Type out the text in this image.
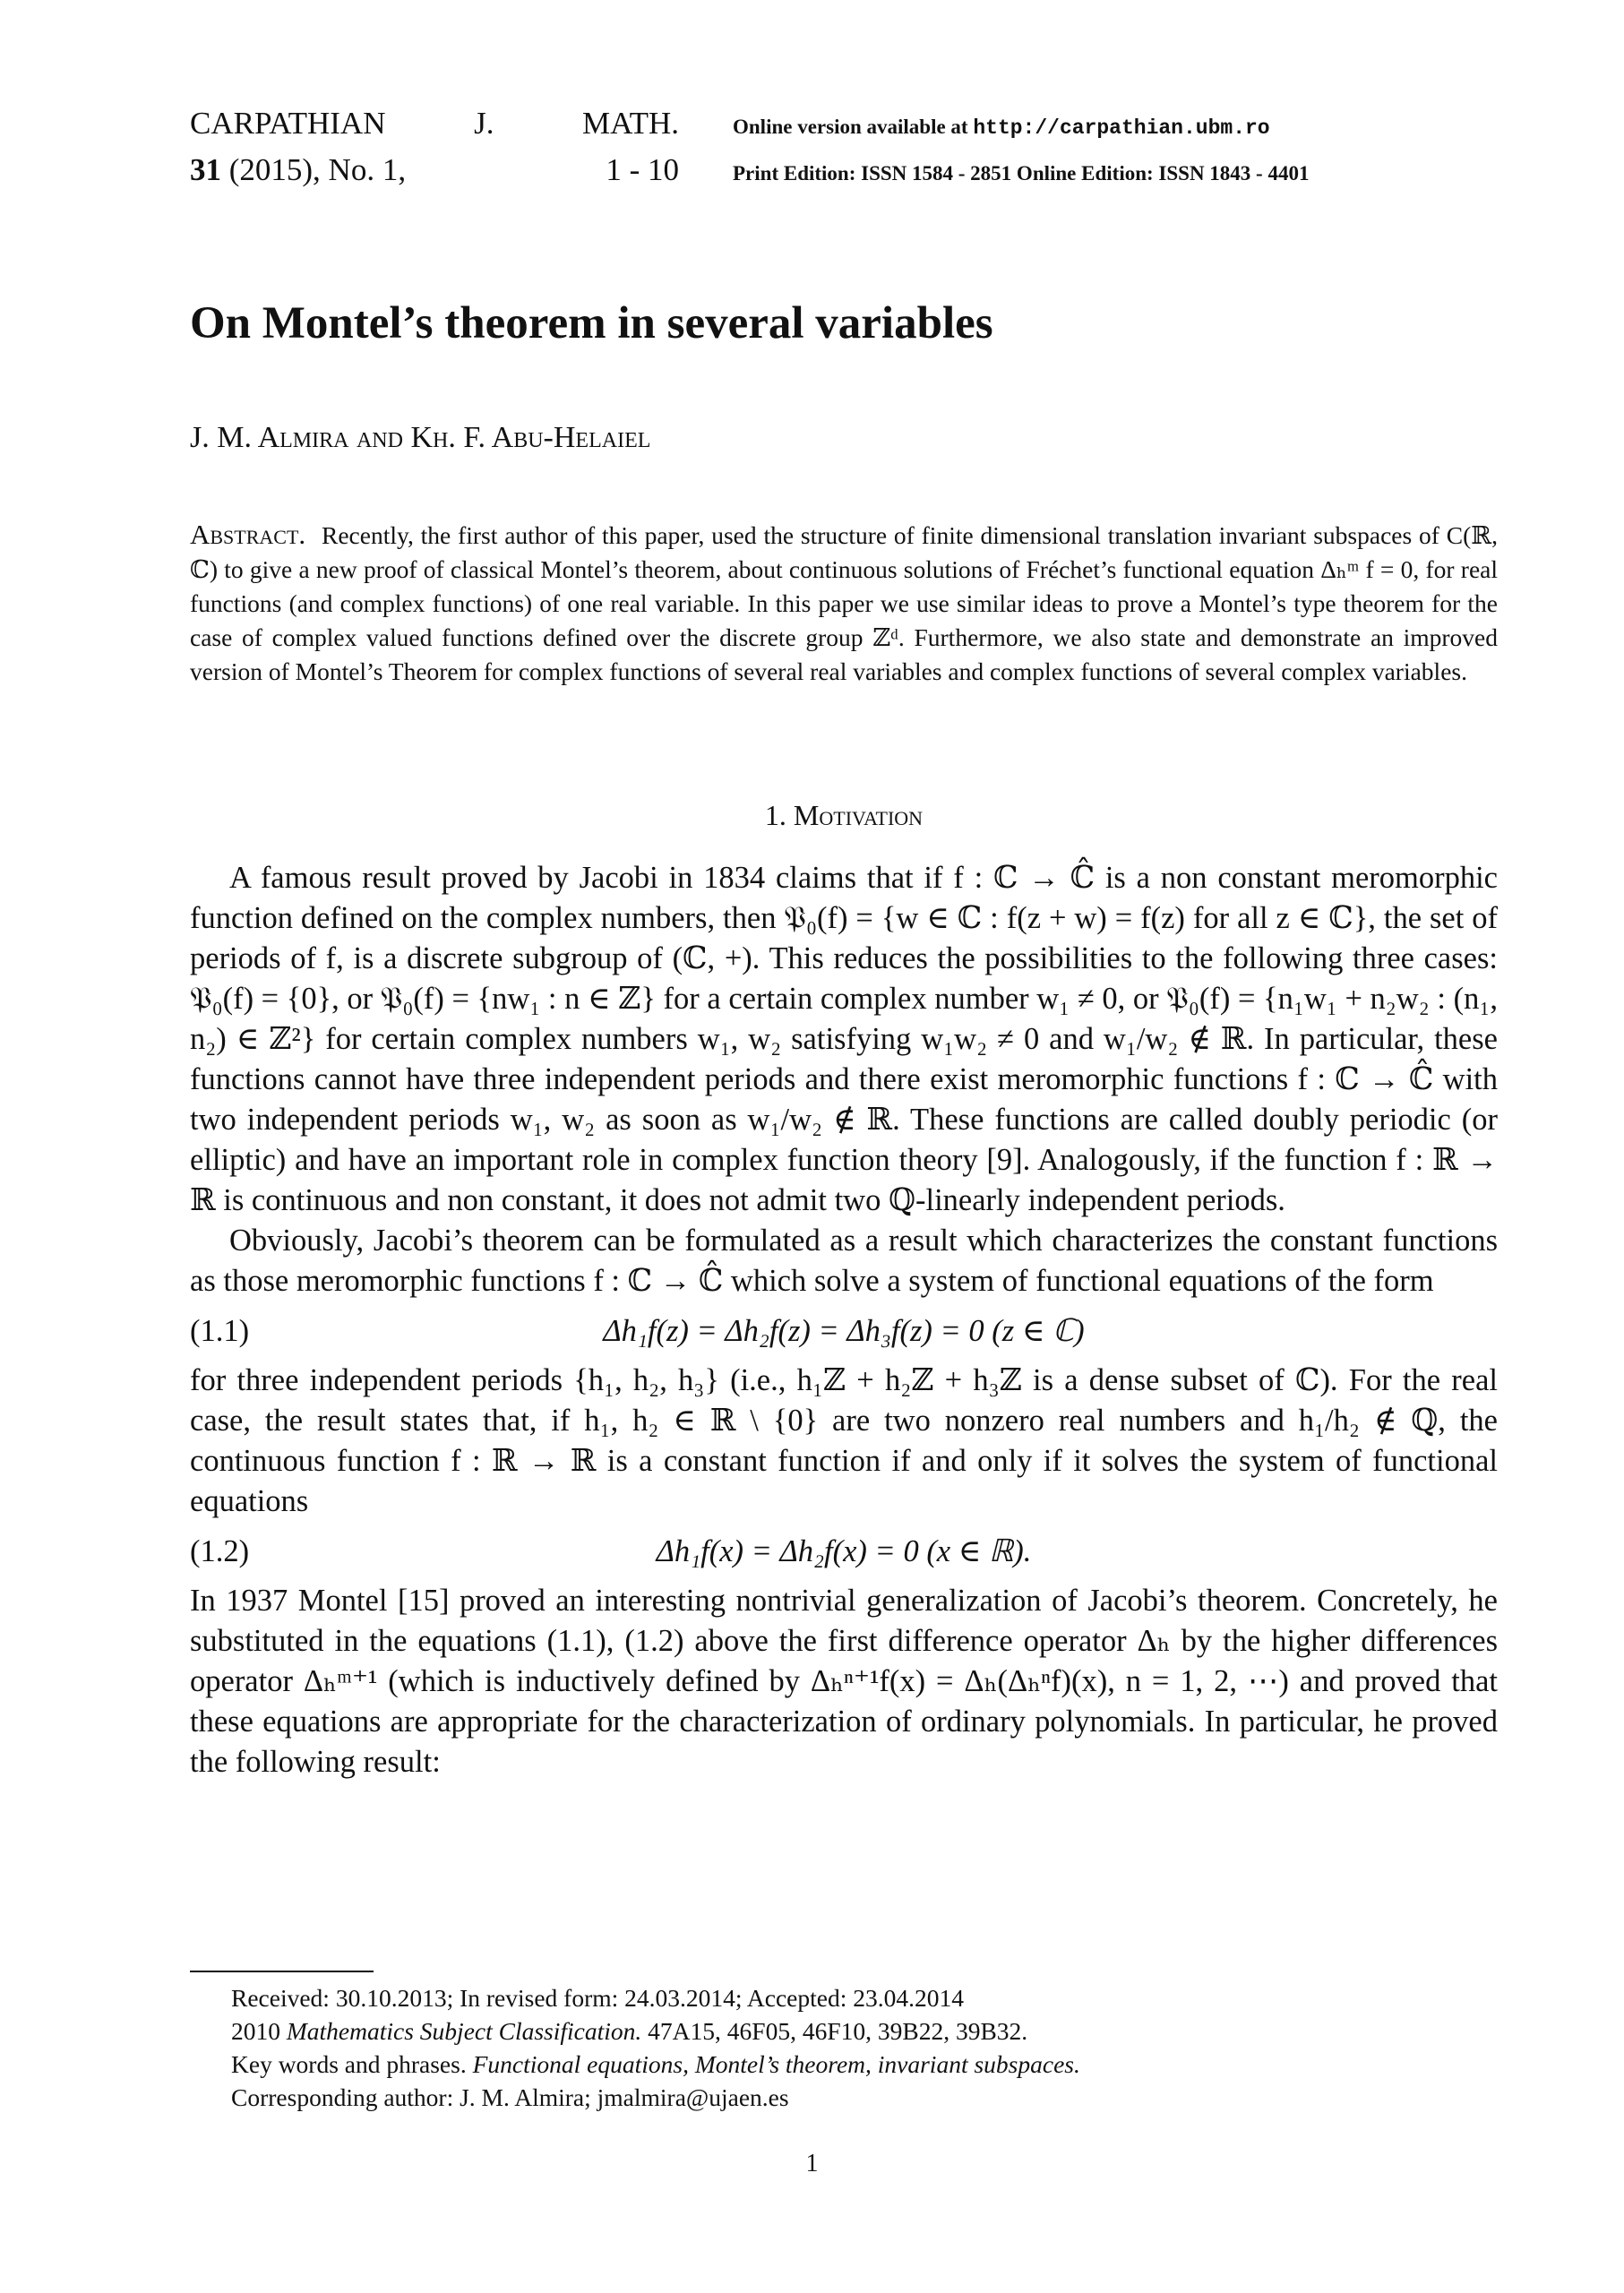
CARPATHIAN	J.	MATH.	Online version available at http://carpathian.ubm.ro
31 (2015), No. 1,	1 - 10	Print Edition: ISSN 1584 - 2851 Online Edition: ISSN 1843 - 4401
On Montel’s theorem in several variables
J. M. Almira and Kh. F. Abu-Helaiel
Abstract. Recently, the first author of this paper, used the structure of finite dimensional translation invariant subspaces of C(ℝ, ℂ) to give a new proof of classical Montel’s theorem, about continuous solutions of Fréchet’s functional equation Δₕᵐ f = 0, for real functions (and complex functions) of one real variable. In this paper we use similar ideas to prove a Montel’s type theorem for the case of complex valued functions defined over the discrete group ℤᵈ. Furthermore, we also state and demonstrate an improved version of Montel’s Theorem for complex functions of several real variables and complex functions of several complex variables.
1. Motivation

A famous result proved by Jacobi in 1834 claims that if f : ℂ → ℂ̂ is a non constant meromorphic function defined on the complex numbers, then 𝔓₀(f) = {w ∈ ℂ : f(z + w) = f(z) for all z ∈ ℂ}, the set of periods of f, is a discrete subgroup of (ℂ, +). This reduces the possibilities to the following three cases: 𝔓₀(f) = {0}, or 𝔓₀(f) = {nw₁ : n ∈ ℤ} for a certain complex number w₁ ≠ 0, or 𝔓₀(f) = {n₁w₁ + n₂w₂ : (n₁, n₂) ∈ ℤ²} for certain complex numbers w₁, w₂ satisfying w₁w₂ ≠ 0 and w₁/w₂ ∉ ℝ. In particular, these functions cannot have three independent periods and there exist meromorphic functions f : ℂ → ℂ̂ with two independent periods w₁, w₂ as soon as w₁/w₂ ∉ ℝ. These functions are called doubly periodic (or elliptic) and have an important role in complex function theory [9]. Analogously, if the function f : ℝ → ℝ is continuous and non constant, it does not admit two ℚ-linearly independent periods.

Obviously, Jacobi’s theorem can be formulated as a result which characterizes the constant functions as those meromorphic functions f : ℂ → ℂ̂ which solve a system of functional equations of the form

(1.1)	Δh₁f(z) = Δh₂f(z) = Δh₃f(z) = 0 (z ∈ ℂ)

for three independent periods {h₁, h₂, h₃} (i.e., h₁ℤ + h₂ℤ + h₃ℤ is a dense subset of ℂ). For the real case, the result states that, if h₁, h₂ ∈ ℝ \ {0} are two nonzero real numbers and h₁/h₂ ∉ ℚ, the continuous function f : ℝ → ℝ is a constant function if and only if it solves the system of functional equations

(1.2)	Δh₁f(x) = Δh₂f(x) = 0 (x ∈ ℝ).

In 1937 Montel [15] proved an interesting nontrivial generalization of Jacobi’s theorem. Concretely, he substituted in the equations (1.1), (1.2) above the first difference operator Δₕ by the higher differences operator Δₕᵐ⁺¹ (which is inductively defined by Δₕⁿ⁺¹f(x) = Δₕ(Δₕⁿf)(x), n = 1, 2, ⋯) and proved that these equations are appropriate for the characterization of ordinary polynomials. In particular, he proved the following result:

Received: 30.10.2013; In revised form: 24.03.2014; Accepted: 23.04.2014
2010 Mathematics Subject Classification. 47A15, 46F05, 46F10, 39B22, 39B32.
Key words and phrases. Functional equations, Montel’s theorem, invariant subspaces.
Corresponding author: J. M. Almira; jmalmira@ujaen.es
1
